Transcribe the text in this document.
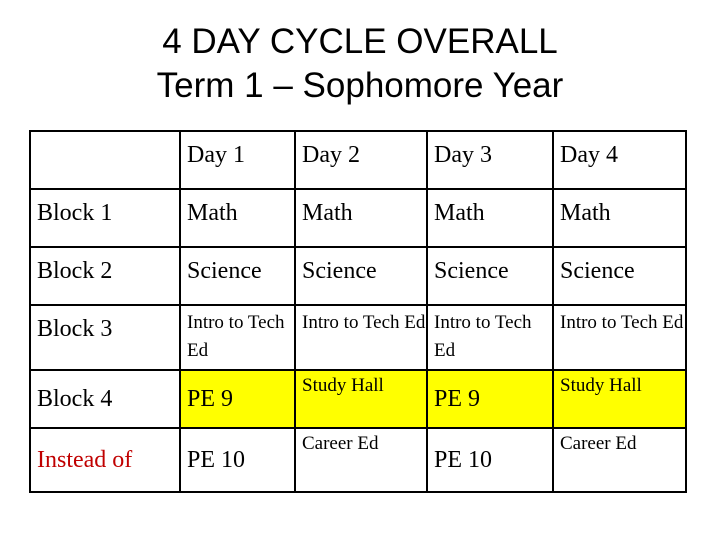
4 DAY CYCLE OVERALL
Term 1 – Sophomore Year
	Day 1	Day 2	Day 3	Day 4
Block 1	Math	Math	Math	Math
Block 2	Science	Science	Science	Science
Block 3	Intro to Tech Ed	Intro to Tech Ed	Intro to Tech Ed	Intro to Tech Ed
Block 4	PE 9	Study Hall	PE 9	Study Hall
Instead of	PE 10	Career Ed	PE 10	Career Ed
